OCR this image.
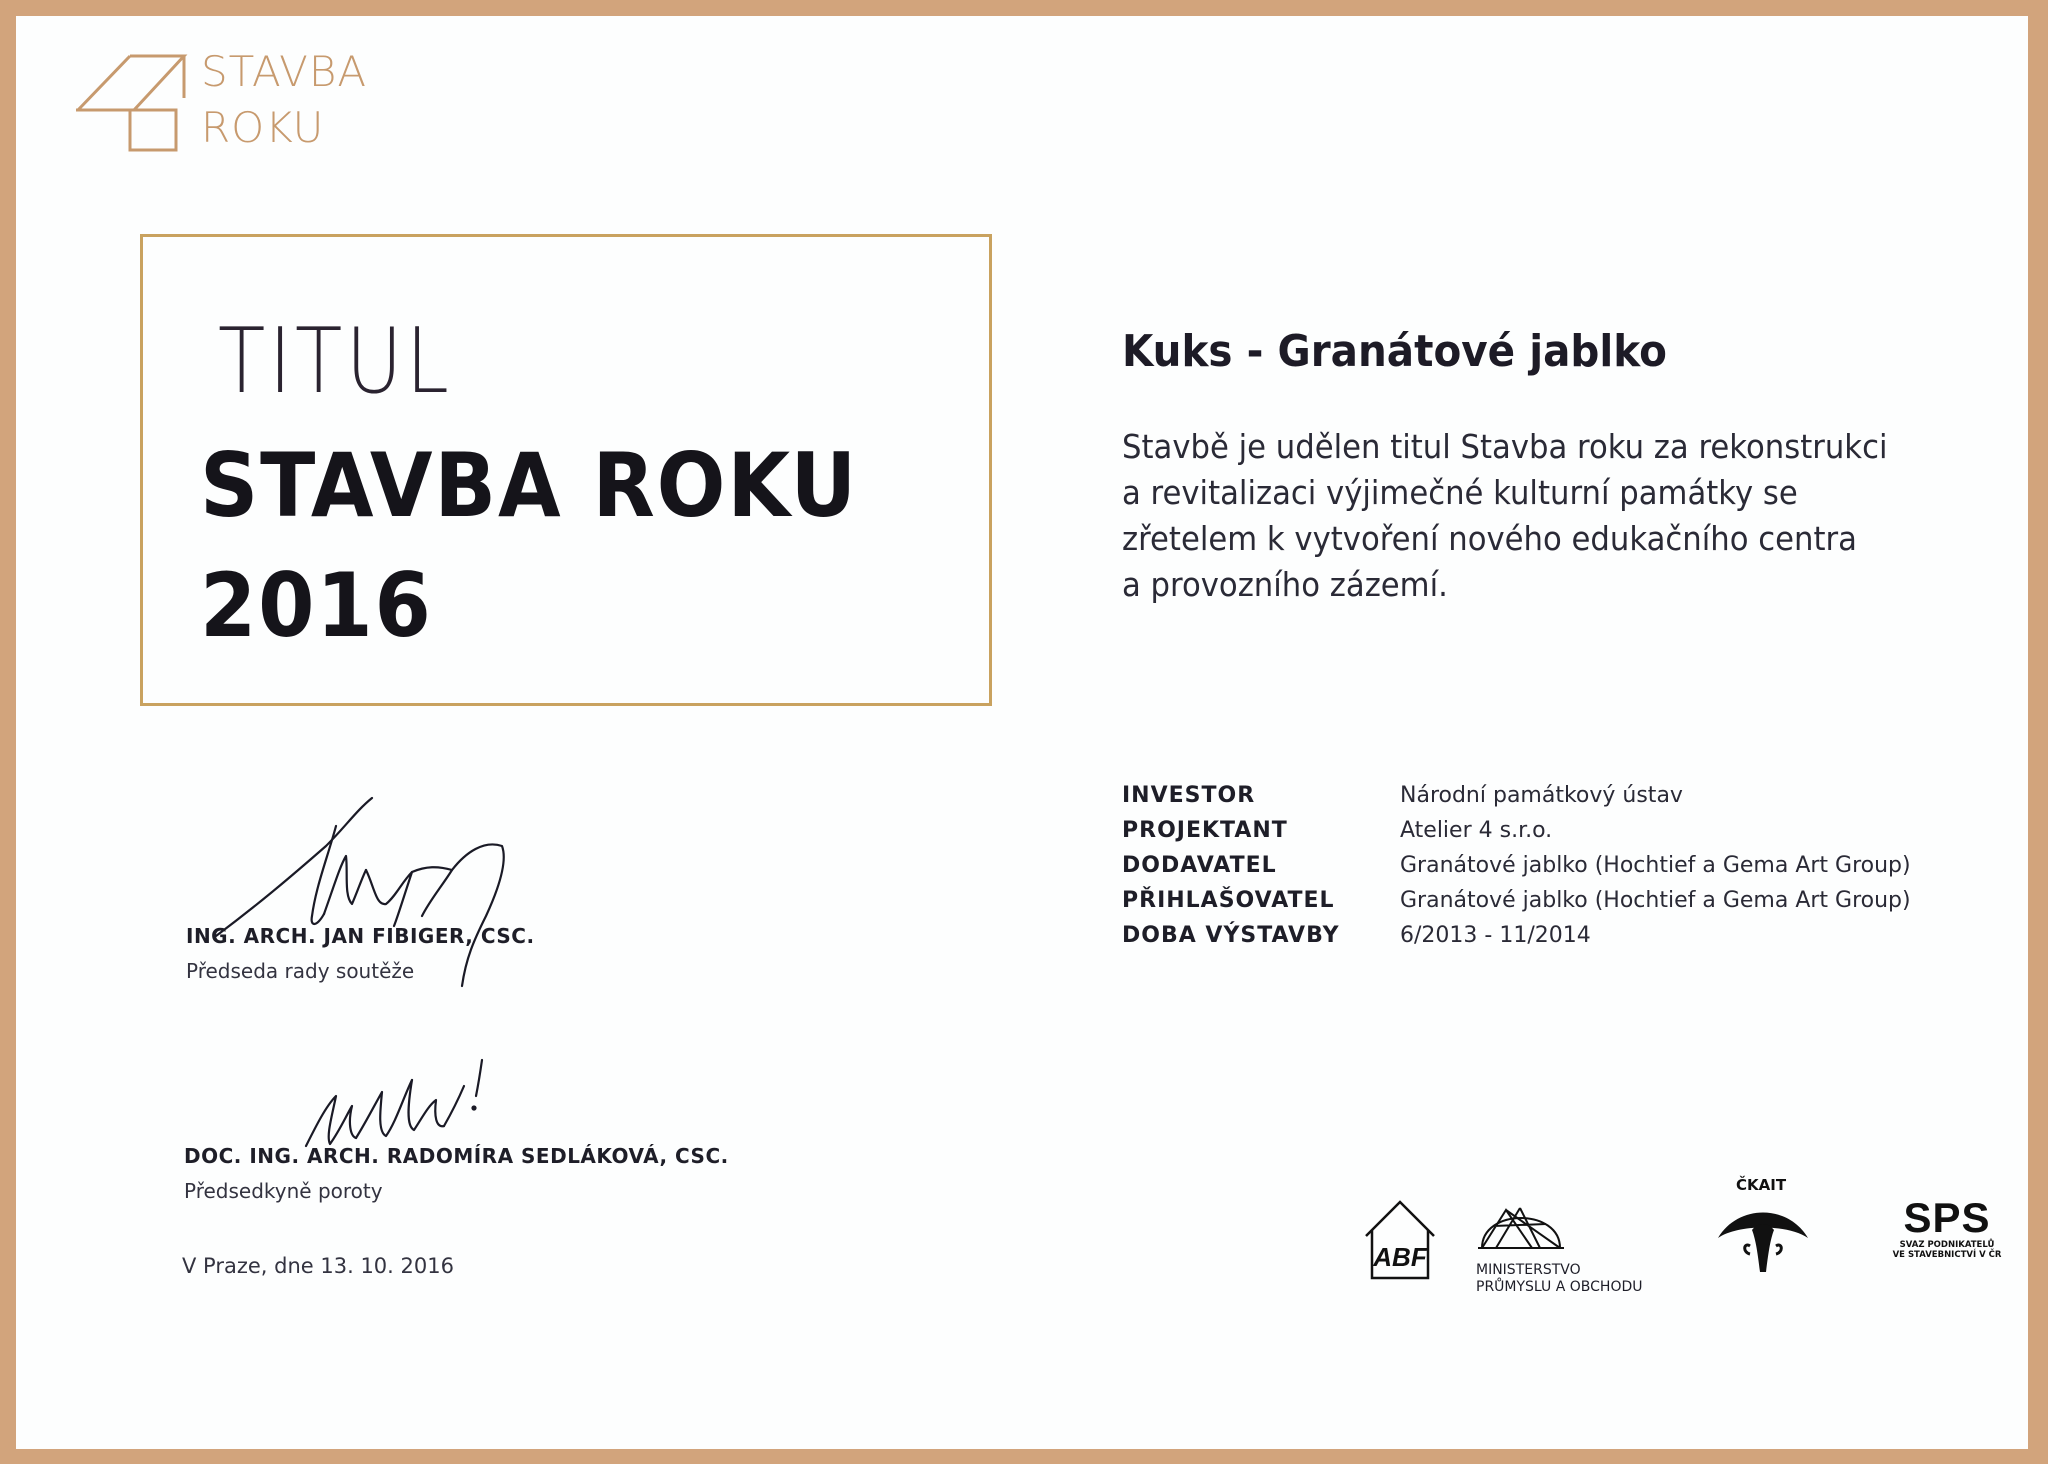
STAVBA
ROKU
TITUL
STAVBA ROKU
2016
Kuks - Granátové jablko
Stavbě je udělen titul Stavba roku za rekonstrukci
a revitalizaci výjimečné kulturní památky se
zřetelem k vytvoření nového edukačního centra
a provozního zázemí.
INVESTOR	Národní památkový ústav
PROJEKTANT	Atelier 4 s.r.o.
DODAVATEL	Granátové jablko (Hochtief a Gema Art Group)
PŘIHLAŠOVATEL	Granátové jablko (Hochtief a Gema Art Group)
DOBA VÝSTAVBY	6/2013 - 11/2014
ING. ARCH. JAN FIBIGER, CSC.
Předseda rady soutěže
DOC. ING. ARCH. RADOMÍRA SEDLÁKOVÁ, CSC.
Předsedkyně poroty
V Praze, dne 13. 10. 2016	ABF	MINISTERSTVO
PRŮMYSLU A OBCHODU
ČKAIT
SPS
SVAZ PODNIKATELŮ
VE STAVEBNICTVÍ V ČR
